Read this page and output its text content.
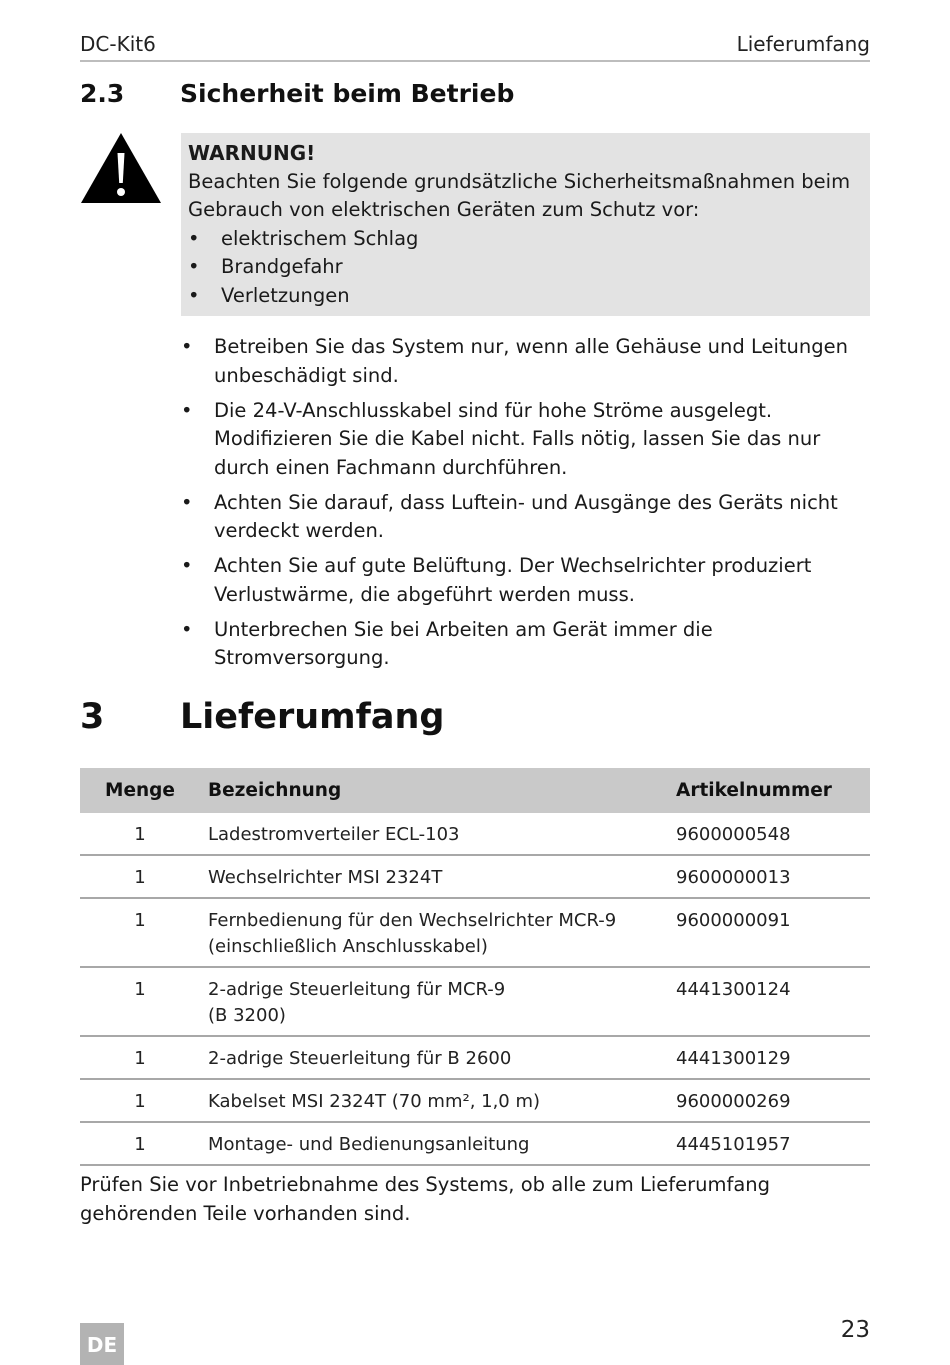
DC-Kit6	Lieferumfang
2.3 Sicherheit beim Betrieb
WARNUNG!
Beachten Sie folgende grundsätzliche Sicherheitsmaßnahmen beim Gebrauch von elektrischen Geräten zum Schutz vor:
• elektrischem Schlag
• Brandgefahr
• Verletzungen
• Betreiben Sie das System nur, wenn alle Gehäuse und Leitungen unbeschädigt sind.
• Die 24-V-Anschlusskabel sind für hohe Ströme ausgelegt. Modifizieren Sie die Kabel nicht. Falls nötig, lassen Sie das nur durch einen Fachmann durchführen.
• Achten Sie darauf, dass Luftein- und Ausgänge des Geräts nicht verdeckt werden.
• Achten Sie auf gute Belüftung. Der Wechselrichter produziert Verlustwärme, die abgeführt werden muss.
• Unterbrechen Sie bei Arbeiten am Gerät immer die Stromversorgung.
3 Lieferumfang
Menge	Bezeichnung	Artikelnummer
1	Ladestromverteiler ECL-103	9600000548
1	Wechselrichter MSI 2324T	9600000013
1	Fernbedienung für den Wechselrichter MCR-9
(einschließlich Anschlusskabel)	9600000091
1	2-adrige Steuerleitung für MCR-9
(B 3200)	4441300124
1	2-adrige Steuerleitung für B 2600	4441300129
1	Kabelset MSI 2324T (70 mm², 1,0 m)	9600000269
1	Montage- und Bedienungsanleitung	4445101957

Prüfen Sie vor Inbetriebnahme des Systems, ob alle zum Lieferumfang gehörenden Teile vorhanden sind.

DE
23
